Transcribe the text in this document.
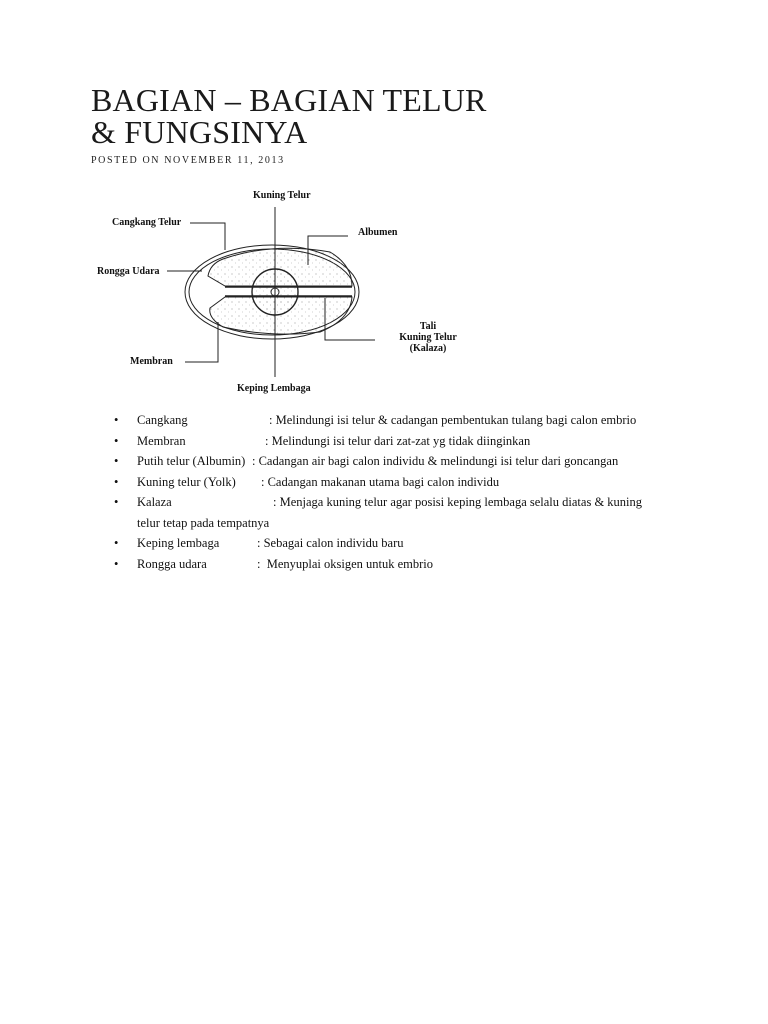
BAGIAN – BAGIAN TELUR
& FUNGSINYA
POSTED ON NOVEMBER 11, 2013
Kuning Telur
Cangkang Telur
Albumen
Rongga Udara
Tali
Kuning Telur
(Kalaza)
Membran
Keping Lembaga
• Cangkang	: Melindungi isi telur & cadangan pembentukan tulang bagi calon embrio
• Membran	: Melindungi isi telur dari zat-zat yg tidak diinginkan
• Putih telur (Albumin) : Cadangan air bagi calon individu & melindungi isi telur dari goncangan
• Kuning telur (Yolk) : Cadangan makanan utama bagi calon individu
• Kalaza	: Menjaga kuning telur agar posisi keping lembaga selalu diatas & kuning
telur tetap pada tempatnya
• Keping lembaga	: Sebagai calon individu baru
• Rongga udara	:  Menyuplai oksigen untuk embrio
